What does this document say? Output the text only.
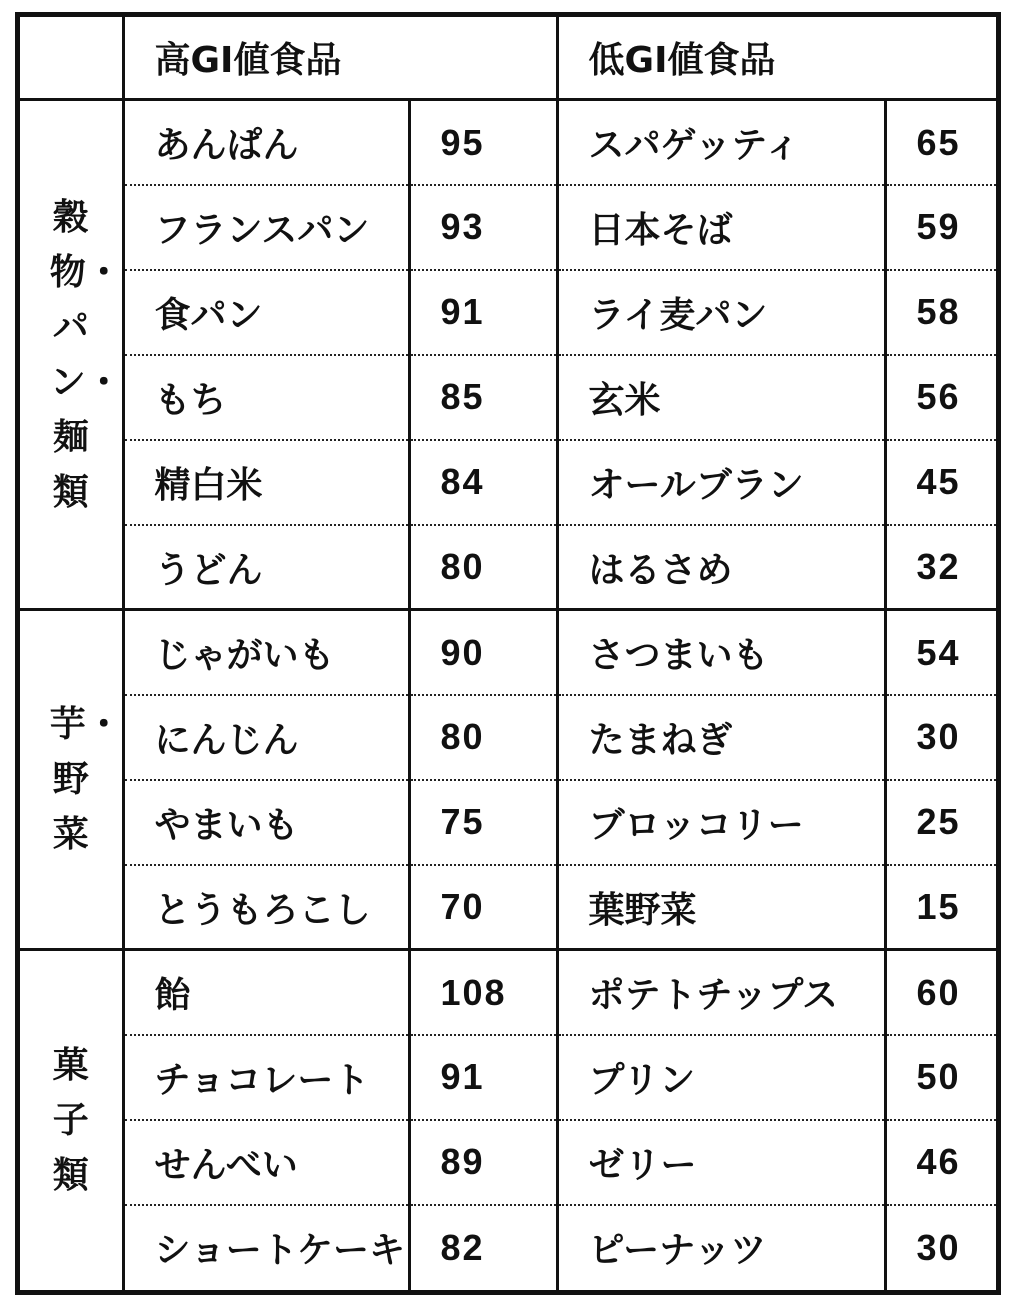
	高GI値食品		低GI値食品	
穀物・パン・麺類	あんぱん	95	スパゲッティ	65
	フランスパン	93	日本そば	59
	食パン	91	ライ麦パン	58
	もち	85	玄米	56
	精白米	84	オールブラン	45
	うどん	80	はるさめ	32
芋・野菜	じゃがいも	90	さつまいも	54
	にんじん	80	たまねぎ	30
	やまいも	75	ブロッコリー	25
	とうもろこし	70	葉野菜	15
菓子類	飴	108	ポテトチップス	60
	チョコレート	91	プリン	50
	せんべい	89	ゼリー	46
	ショートケーキ	82	ピーナッツ	30
